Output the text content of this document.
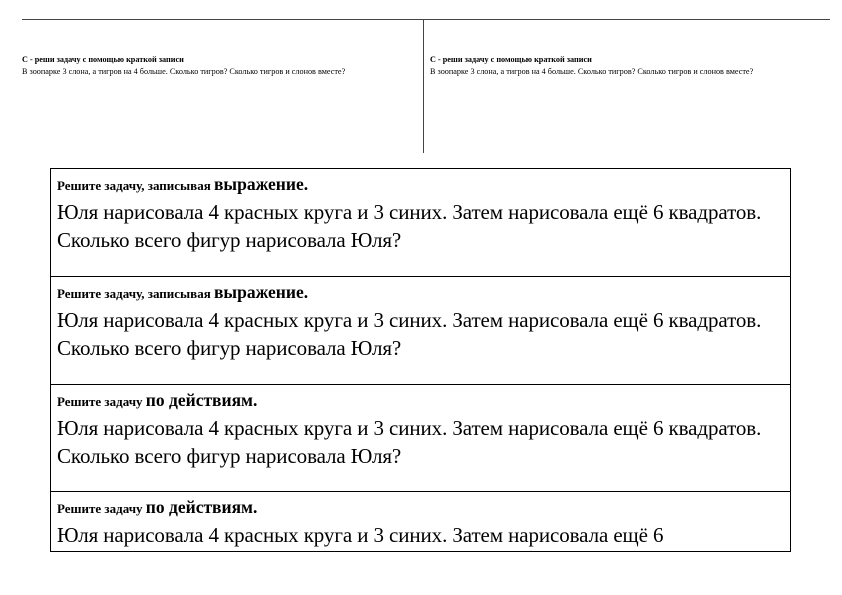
С - реши задачу с помощью краткой записи
В зоопарке 3 слона, а тигров на 4 больше. Сколько тигров? Сколько тигров и слонов вместе?
С - реши задачу с помощью краткой записи
В зоопарке 3 слона, а тигров на 4 больше. Сколько тигров? Сколько тигров и слонов вместе?
Решите задачу, записывая выражение.
Юля нарисовала 4 красных круга и 3 синих. Затем нарисовала ещё 6 квадратов. Сколько всего фигур нарисовала Юля?
Решите задачу, записывая выражение.
Юля нарисовала 4 красных круга и 3 синих. Затем нарисовала ещё 6 квадратов. Сколько всего фигур нарисовала Юля?
Решите задачу по действиям.
Юля нарисовала 4 красных круга и 3 синих. Затем нарисовала ещё 6 квадратов. Сколько всего фигур нарисовала Юля?
Решите задачу по действиям.
Юля нарисовала 4 красных круга и 3 синих. Затем нарисовала ещё 6
